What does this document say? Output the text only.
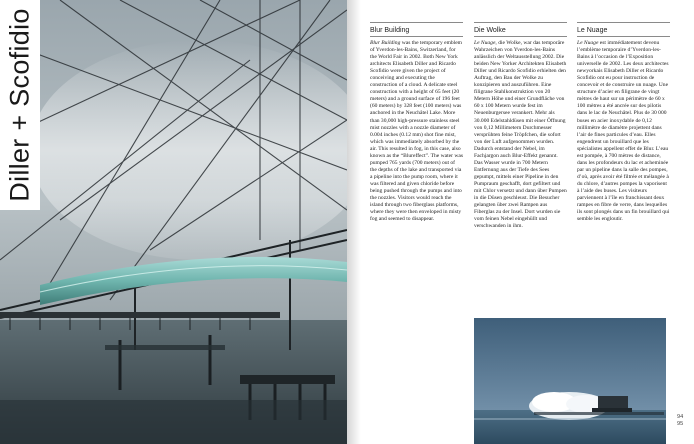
Diller + Scofidio	Blur Building
Blur Building was the temporary emblem of Yverdon-les-Bains, Switzerland, for the World Fair in 2002. Both New York architects Elisabeth Diller and Ricardo Scofidio were given the project of conceiving and executing the construction of a cloud. A delicate steel construction with a height of 65 feet (20 meters) and a ground surface of 196 feet (60 meters) by 328 feet (100 meters) was anchored in the Neuchâtel Lake. More than 30,000 high-pressure stainless steel mist nozzles with a nozzle diameter of 0.004 inches (0.12 mm) shot fine mist, which was immediately absorbed by the air. This resulted in fog, in this case, also known as the “Blureffect”. The water was pumped 765 yards (700 meters) out of the depths of the lake and transported via a pipeline into the pump room, where it was filtered and given chloride before being pushed through the pumps and into the nozzles. Visitors would reach the island through two fiberglass platforms, where they were then enveloped in misty fog and seemed to disappear.
Die Wolke
Le Nuage, die Wolke, war das temporäre Wahrzeichen von Yverdon-les-Bains anlässlich der Weltausstellung 2002. Die beiden New Yorker Architekten Elisabeth Diller und Ricardo Scofidio erhielten den Auftrag, den Bau der Wolke zu konzipieren und auszuführen. Eine filigrane Stahlkonstruktion von 20 Metern Höhe und einer Grundfläche von 60 x 100 Metern wurde fest im Neuenburgersee verankert. Mehr als 30.000 Edelstahldüsen mit einer Öffnung von 0,12 Millimetern Durchmesser versprühten feine Tröpfchen, die sofort von der Luft aufgenommen wurden. Dadurch entstand der Nebel, im Fachjargon auch Blur-Effekt genannt. Das Wasser wurde in 700 Metern Entfernung aus der Tiefe des Sees gepumpt, mittels einer Pipeline in den Pumpraum geschafft, dort gefiltert und mit Chlor versetzt und dann über Pumpen in die Düsen geschleust. Die Besucher gelangten über zwei Rampen aus Fiberglas zu der Insel. Dort wurden sie vom feinen Nebel eingehüllt und verschwanden in ihm.
Le Nuage
Le Nuage est immédiatement devenu l’emblème temporaire d’Yverdon-les-Bains à l’occasion de l’Exposition universelle de 2002. Les deux architectes newyorkais Elisabeth Diller et Ricardo Scofidio ont eu pour instruction de concevoir et de construire un nuage. Une structure d’acier en filigrane de vingt mètres de haut sur un périmètre de 60 x 100 mètres a été ancrée sur des pilotis dans le lac de Neuchâtel. Plus de 30 000 buses en acier inoxydable de 0,12 millimètre de diamètre projettent dans l’air de fines particules d’eau. Elles engendrent un brouillard que les spécialistes appellent effet de Blur. L’eau est pompée, à 700 mètres de distance, dans les profondeurs du lac et acheminée par un pipeline dans la salle des pompes, d’où, après avoir été filtrée et mélangée à du chlore, d’autres pompes la vaporisent à l’aide des buses. Les visiteurs parviennent à l’île en franchissant deux rampes en fibre de verre, dans lesquelles ils sont plongés dans un fin brouillard qui semble les engloutir.
94
95
